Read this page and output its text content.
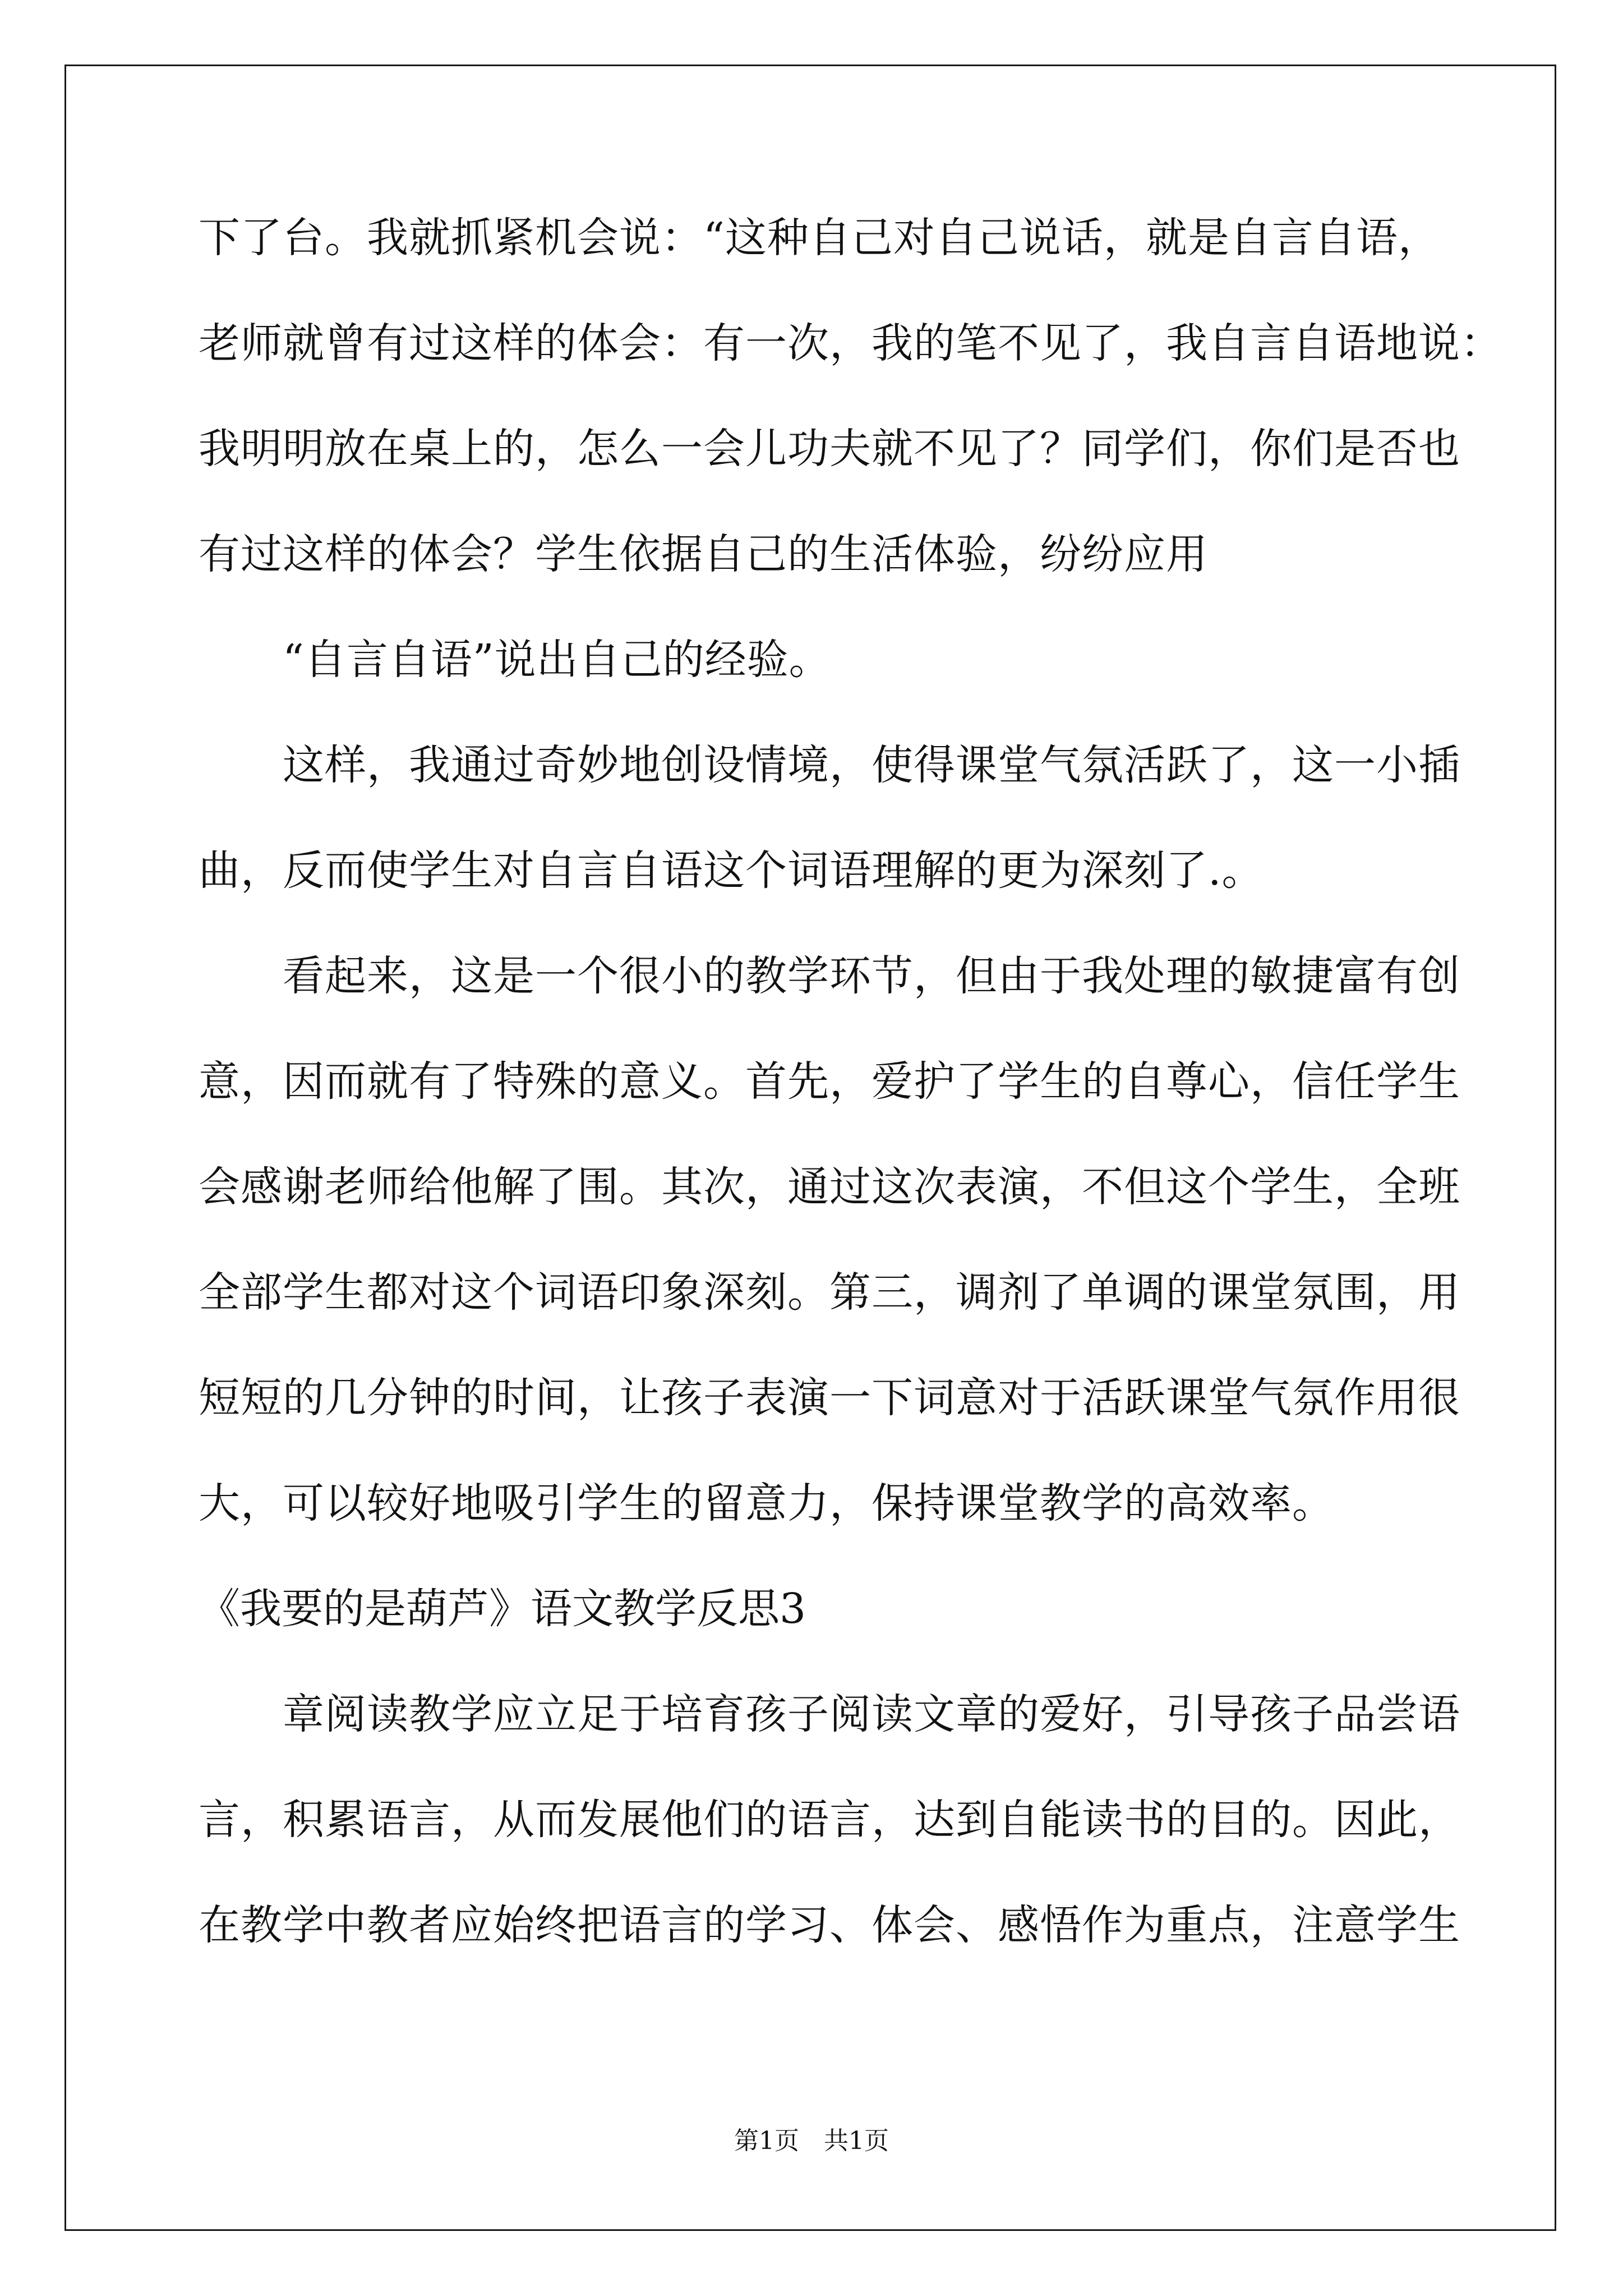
下了台。我就抓紧机会说：“这种自己对自己说话，就是自言自语，
老师就曾有过这样的体会：有一次，我的笔不见了，我自言自语地说：
我明明放在桌上的，怎么一会儿功夫就不见了？同学们，你们是否也
有过这样的体会？学生依据自己的生活体验，纷纷应用
“自言自语”说出自己的经验。
这样，我通过奇妙地创设情境，使得课堂气氛活跃了，这一小插
曲，反而使学生对自言自语这个词语理解的更为深刻了.。
看起来，这是一个很小的教学环节，但由于我处理的敏捷富有创
意，因而就有了特殊的意义。首先，爱护了学生的自尊心，信任学生
会感谢老师给他解了围。其次，通过这次表演，不但这个学生，全班
全部学生都对这个词语印象深刻。第三，调剂了单调的课堂氛围，用
短短的几分钟的时间，让孩子表演一下词意对于活跃课堂气氛作用很
大，可以较好地吸引学生的留意力，保持课堂教学的高效率。
《我要的是葫芦》语文教学反思3
章阅读教学应立足于培育孩子阅读文章的爱好，引导孩子品尝语
言，积累语言，从而发展他们的语言，达到自能读书的目的。因此，
在教学中教者应始终把语言的学习、体会、感悟作为重点，注意学生
第1页　共1页
